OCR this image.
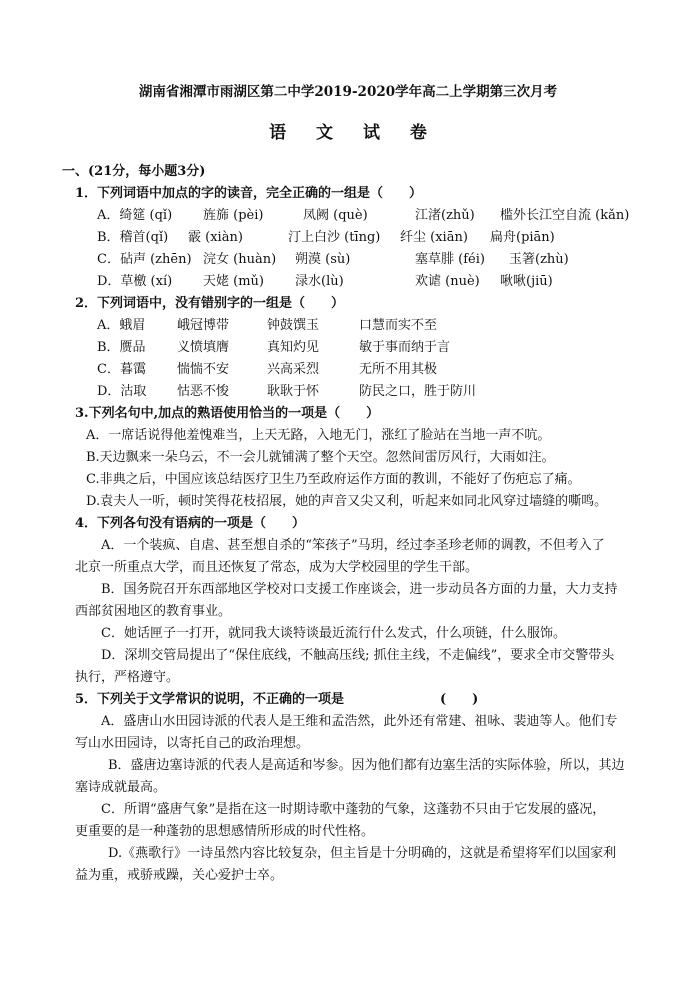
湖南省湘潭市雨湖区第二中学2019-2020学年高二上学期第三次月考
语 文 试 卷
一、(21分，每小题3分)
1．下列词语中加点的字的读音，完全正确的一组是（　　）
A．绮筵 (qǐ) 旌旆 (pèi)	凤阙 (què)	江渚(zhǔ) 槛外长江空自流 (kǎn)
B．稽首(qǐ) 霰 (xiàn)	汀上白沙 (tīng) 纤尘 (xiān) 扁舟(piān)
C．砧声 (zhēn) 浣女 (huàn) 朔漠 (sù)	塞草腓 (féi) 玉箸(zhù)
D．草檄 (xí) 天姥 (mǔ) 渌水(lù)	欢谑 (nuè) 啾啾(jiū)
2．下列词语中，没有错别字的一组是（　　）
A．蛾眉 峨冠博带	钟鼓馔玉	口慧而实不至
B．赝品 义愤填膺	真知灼见	敏于事而纳于言
C．暮霭 惴惴不安	兴高采烈	无所不用其极
D．沽取 怙恶不悛	耿耿于怀	防民之口，胜于防川
3.下列名句中,加点的熟语使用恰当的一项是（　　）
A．一席话说得他羞愧难当，上天无路，入地无门，涨红了脸站在当地一声不吭。
B.天边飘来一朵乌云，不一会儿就铺满了整个天空。忽然间雷厉风行，大雨如注。
C.非典之后，中国应该总结医疗卫生乃至政府运作方面的教训，不能好了伤疤忘了痛。
D.袁夫人一听，顿时笑得花枝招展，她的声音又尖又利，听起来如同北风穿过墙缝的嘶鸣。
4．下列各句没有语病的一项是（　　）
A．一个装疯、自虐、甚至想自杀的“笨孩子”马玥，经过李圣珍老师的调教，不但考入了
北京一所重点大学，而且还恢复了常态，成为大学校园里的学生干部。
B．国务院召开东西部地区学校对口支援工作座谈会，进一步动员各方面的力量，大力支持
西部贫困地区的教育事业。
C．她话匣子一打开，就同我大谈特谈最近流行什么发式，什么项链，什么服饰。
D．深圳交管局提出了“保住底线，不触高压线; 抓住主线，不走偏线”，要求全市交警带头
执行，严格遵守。
5．下列关于文学常识的说明，不正确的一项是	(　　)
A．盛唐山水田园诗派的代表人是王维和孟浩然，此外还有常建、祖咏、裴迪等人。他们专
写山水田园诗，以寄托自己的政治理想。
B．盛唐边塞诗派的代表人是高适和岑参。因为他们都有边塞生活的实际体验，所以，其边
塞诗成就最高。
C．所谓“盛唐气象”是指在这一时期诗歌中蓬勃的气象，这蓬勃不只由于它发展的盛况，
更重要的是一种蓬勃的思想感情所形成的时代性格。
D.《燕歌行》一诗虽然内容比较复杂，但主旨是十分明确的，这就是希望将军们以国家利
益为重，戒骄戒躁，关心爱护士卒。
